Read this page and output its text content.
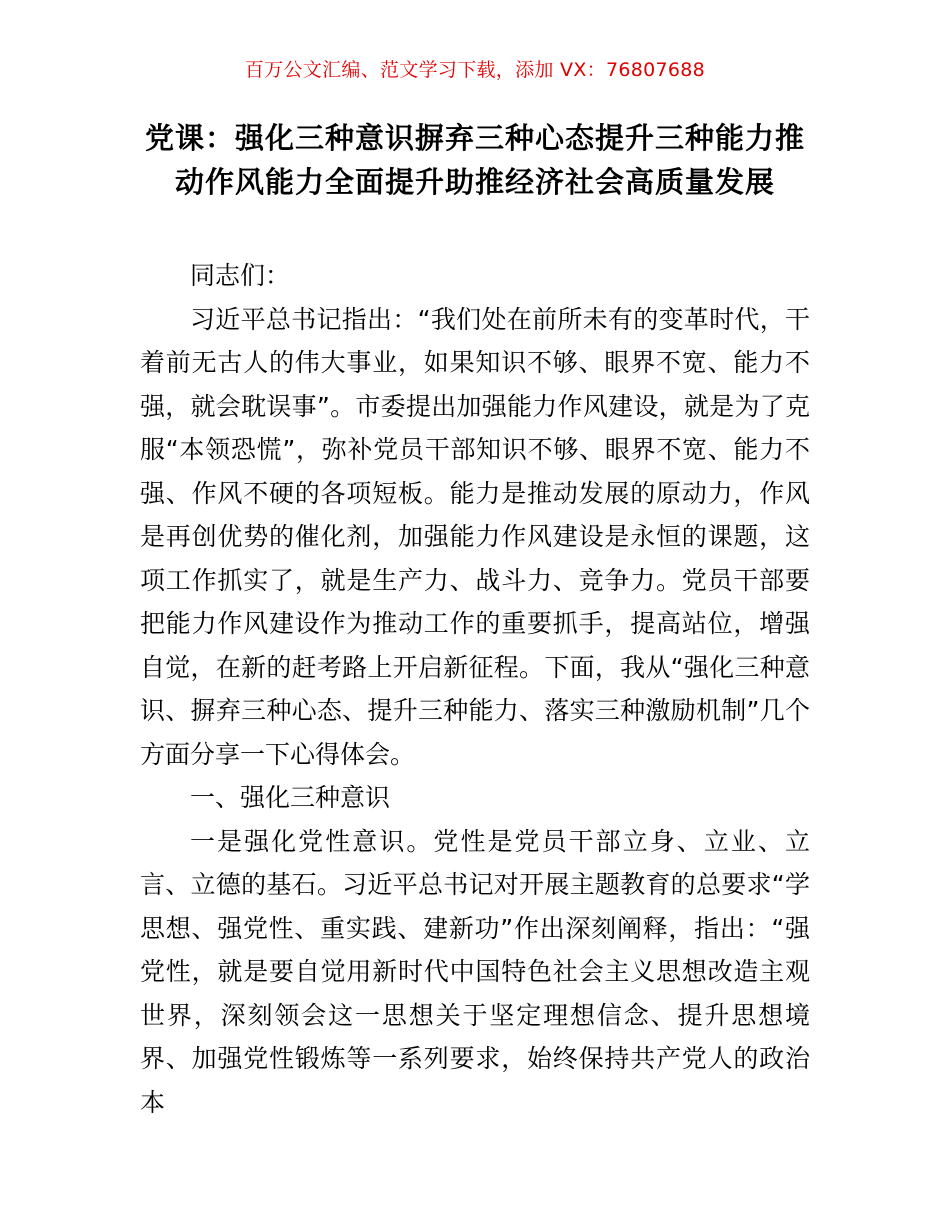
百万公文汇编、范文学习下载，添加 VX：76807688
党课：强化三种意识摒弃三种心态提升三种能力推动作风能力全面提升助推经济社会高质量发展

同志们：

习近平总书记指出：“我们处在前所未有的变革时代，干着前无古人的伟大事业，如果知识不够、眼界不宽、能力不强，就会耽误事”。市委提出加强能力作风建设，就是为了克服“本领恐慌”，弥补党员干部知识不够、眼界不宽、能力不强、作风不硬的各项短板。能力是推动发展的原动力，作风是再创优势的催化剂，加强能力作风建设是永恒的课题，这项工作抓实了，就是生产力、战斗力、竞争力。党员干部要把能力作风建设作为推动工作的重要抓手，提高站位，增强自觉，在新的赶考路上开启新征程。下面，我从“强化三种意识、摒弃三种心态、提升三种能力、落实三种激励机制”几个方面分享一下心得体会。

一、强化三种意识

一是强化党性意识。党性是党员干部立身、立业、立言、立德的基石。习近平总书记对开展主题教育的总要求“学思想、强党性、重实践、建新功”作出深刻阐释，指出：“强党性，就是要自觉用新时代中国特色社会主义思想改造主观世界，深刻领会这一思想关于坚定理想信念、提升思想境界、加强党性锻炼等一系列要求，始终保持共产党人的政治本
